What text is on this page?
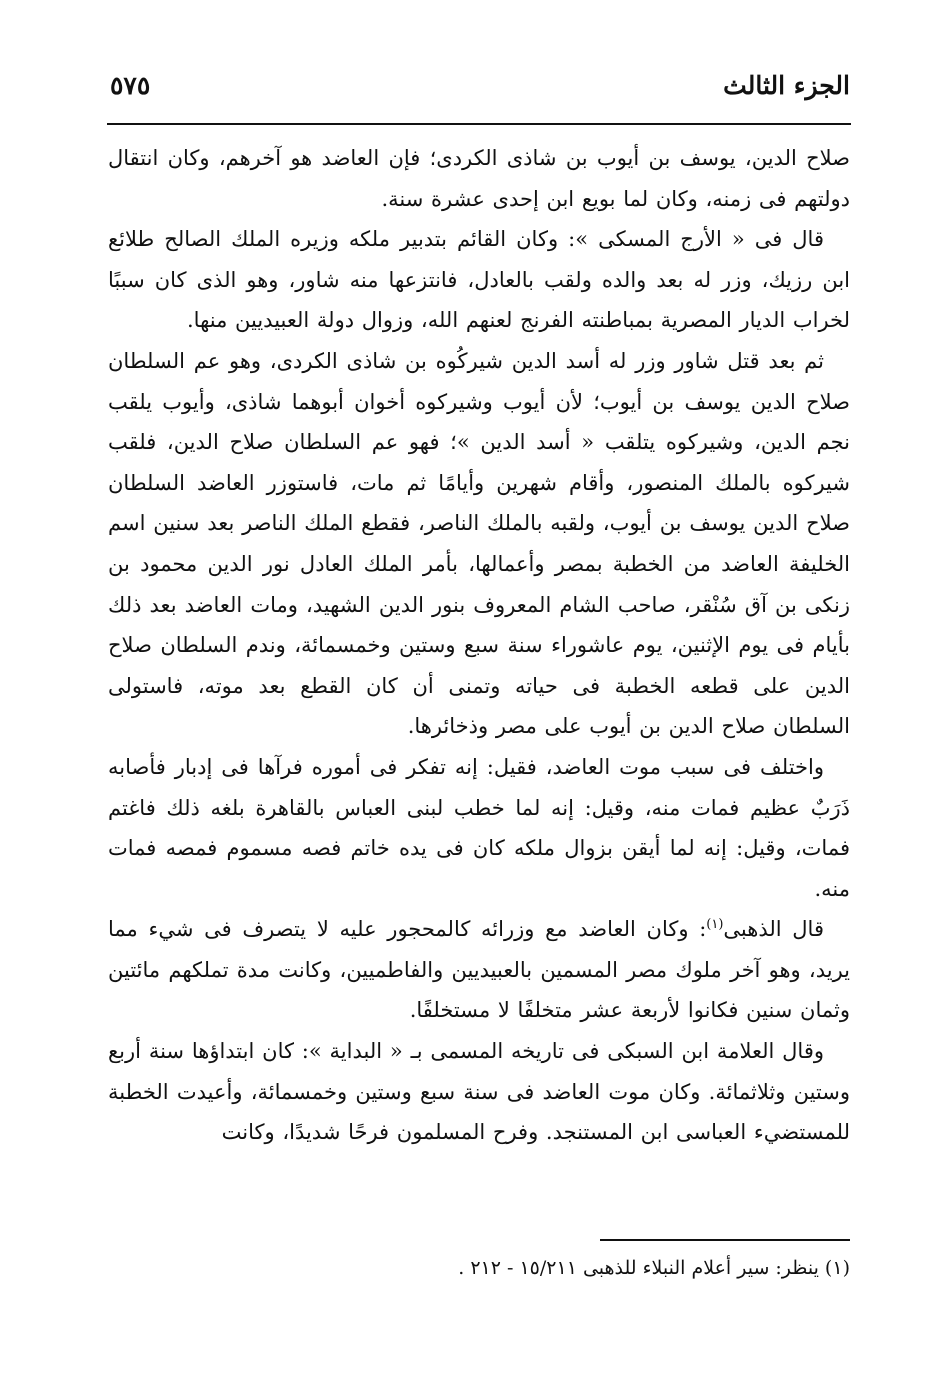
الجزء الثالث
٥٧٥

صلاح الدين، يوسف بن أيوب بن شاذى الكردى؛ فإن العاضد هو آخرهم، وكان انتقال دولتهم فى زمنه، وكان لما بويع ابن إحدى عشرة سنة.

قال فى « الأرج المسكى »: وكان القائم بتدبير ملكه وزيره الملك الصالح طلائع ابن رزيك، وزر له بعد والده ولقب بالعادل، فانتزعها منه شاور، وهو الذى كان سببًا لخراب الديار المصرية بمباطنته الفرنج لعنهم الله، وزوال دولة العبيديين منها.

ثم بعد قتل شاور وزر له أسد الدين شيركُوه بن شاذى الكردى، وهو عم السلطان صلاح الدين يوسف بن أيوب؛ لأن أيوب وشيركوه أخوان أبوهما شاذى، وأيوب يلقب نجم الدين، وشيركوه يتلقب « أسد الدين »؛ فهو عم السلطان صلاح الدين، فلقب شيركوه بالملك المنصور، وأقام شهرين وأيامًا ثم مات، فاستوزر العاضد السلطان صلاح الدين يوسف بن أيوب، ولقبه بالملك الناصر، فقطع الملك الناصر بعد سنين اسم الخليفة العاضد من الخطبة بمصر وأعمالها، بأمر الملك العادل نور الدين محمود بن زنكى بن آق سُنْقر، صاحب الشام المعروف بنور الدين الشهيد، ومات العاضد بعد ذلك بأيام فى يوم الإثنين، يوم عاشوراء سنة سبع وستين وخمسمائة، وندم السلطان صلاح الدين على قطعه الخطبة فى حياته وتمنى أن كان القطع بعد موته، فاستولى السلطان صلاح الدين بن أيوب على مصر وذخائرها.

واختلف فى سبب موت العاضد، فقيل: إنه تفكر فى أموره فرآها فى إدبار فأصابه ذَرَبٌ عظيم فمات منه، وقيل: إنه لما خطب لبنى العباس بالقاهرة بلغه ذلك فاغتم فمات، وقيل: إنه لما أيقن بزوال ملكه كان فى يده خاتم فصه مسموم فمصه فمات منه.

قال الذهبى$^{(١)}$: وكان العاضد مع وزرائه كالمحجور عليه لا يتصرف فى شيء مما يريد، وهو آخر ملوك مصر المسمين بالعبيديين والفاطميين، وكانت مدة تملكهم مائتين وثمان سنين فكانوا لأربعة عشر متخلفًا لا مستخلفًا.

وقال العلامة ابن السبكى فى تاريخه المسمى بـ « البداية »: كان ابتداؤها سنة أربع وستين وثلاثمائة. وكان موت العاضد فى سنة سبع وستين وخمسمائة، وأعيدت الخطبة للمستضيء العباسى ابن المستنجد. وفرح المسلمون فرحًا شديدًا، وكانت

(١) ينظر: سير أعلام النبلاء للذهبى ١٥/٢١١ - ٢١٢ .
